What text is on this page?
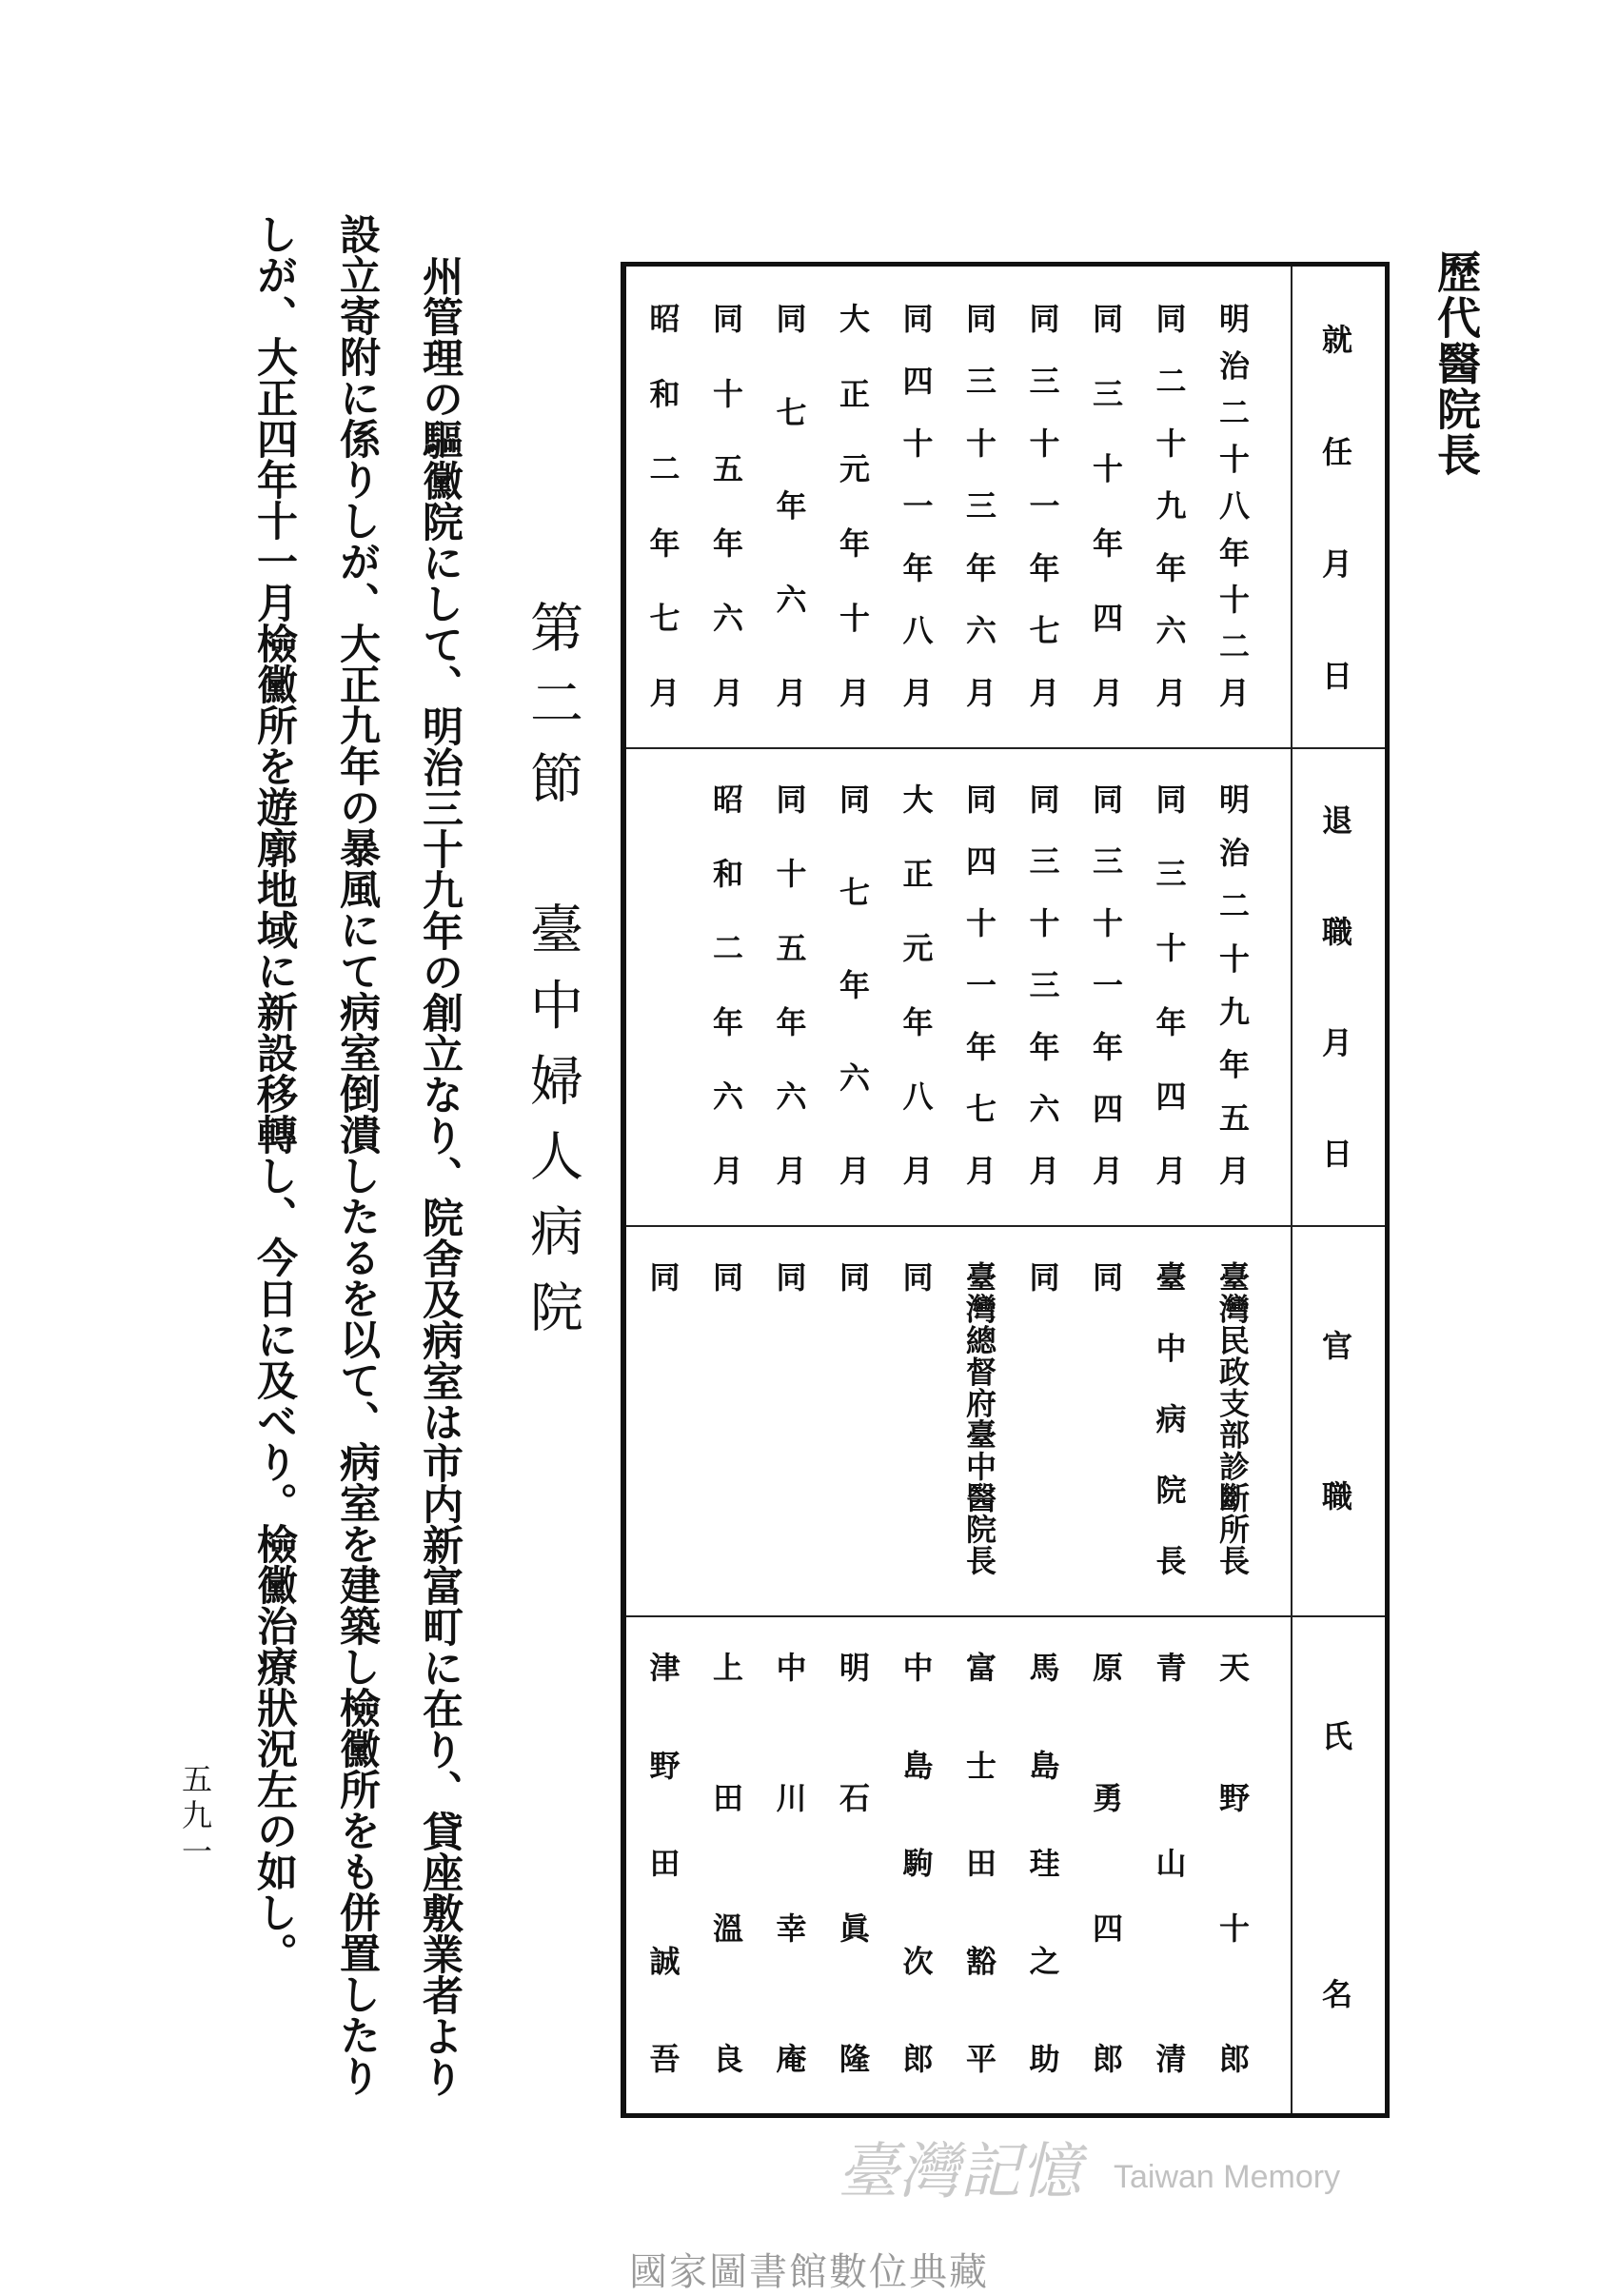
歷代醫院長
就任月日
退職月日
官職
氏名
明治二十八年十二月
明治二十九年五月
臺灣民政支部診斷所長
天野十郎
同二十九年六月
同三十年四月
臺中病院長
青山清
同三十年四月
同三十一年四月
同
原勇四郎
同三十一年七月
同三十三年六月
同
馬島珪之助
同三十三年六月
同四十一年七月
臺灣總督府臺中醫院長
富士田豁平
同四十一年八月
大正元年八月
同
中島駒次郎
大正元年十月
同七年六月
同
明石眞隆
同七年六月
同十五年六月
同
中川幸庵
同十五年六月
昭和二年六月
同
上田溫良
昭和二年七月
同
津野田誠吾
第二節　臺中婦人病院
州管理の驅黴院にして、明治三十九年の創立なり、院舍及病室は市内新富町に在り、貸座敷業者より
設立寄附に係りしが、大正九年の暴風にて病室倒潰したるを以て、病室を建築し檢黴所をも併置したり
しが、大正四年十一月檢黴所を遊廓地域に新設移轉し、今日に及べり。檢黴治療狀況左の如し。
五九一
臺灣記憶 Taiwan Memory
國家圖書館數位典藏
